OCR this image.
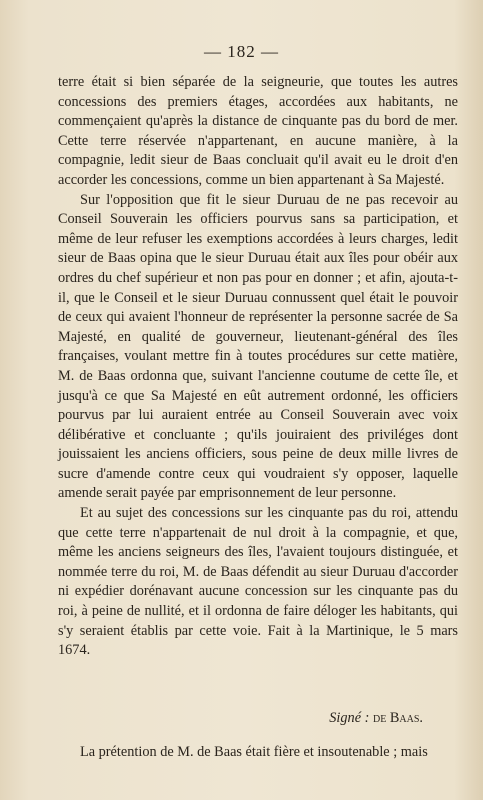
— 182 —

terre était si bien séparée de la seigneurie, que toutes les autres concessions des premiers étages, accordées aux habitants, ne commençaient qu'après la distance de cinquante pas du bord de mer. Cette terre réservée n'appartenant, en aucune manière, à la compagnie, ledit sieur de Baas concluait qu'il avait eu le droit d'en accorder les concessions, comme un bien appartenant à Sa Majesté.

Sur l'opposition que fit le sieur Duruau de ne pas recevoir au Conseil Souverain les officiers pourvus sans sa participation, et même de leur refuser les exemptions accordées à leurs charges, ledit sieur de Baas opina que le sieur Duruau était aux îles pour obéir aux ordres du chef supérieur et non pas pour en donner ; et afin, ajouta-t-il, que le Conseil et le sieur Duruau connussent quel était le pouvoir de ceux qui avaient l'honneur de représenter la personne sacrée de Sa Majesté, en qualité de gouverneur, lieutenant-général des îles françaises, voulant mettre fin à toutes procédures sur cette matière, M. de Baas ordonna que, suivant l'ancienne coutume de cette île, et jusqu'à ce que Sa Majesté en eût autrement ordonné, les officiers pourvus par lui auraient entrée au Conseil Souverain avec voix délibérative et concluante ; qu'ils jouiraient des priviléges dont jouissaient les anciens officiers, sous peine de deux mille livres de sucre d'amende contre ceux qui voudraient s'y opposer, laquelle amende serait payée par emprisonnement de leur personne.

Et au sujet des concessions sur les cinquante pas du roi, attendu que cette terre n'appartenait de nul droit à la compagnie, et que, même les anciens seigneurs des îles, l'avaient toujours distinguée, et nommée terre du roi, M. de Baas défendit au sieur Duruau d'accorder ni expédier dorénavant aucune concession sur les cinquante pas du roi, à peine de nullité, et il ordonna de faire déloger les habitants, qui s'y seraient établis par cette voie. Fait à la Martinique, le 5 mars 1674.

Signé : de Baas.
La prétention de M. de Baas était fière et insoutenable ; mais
